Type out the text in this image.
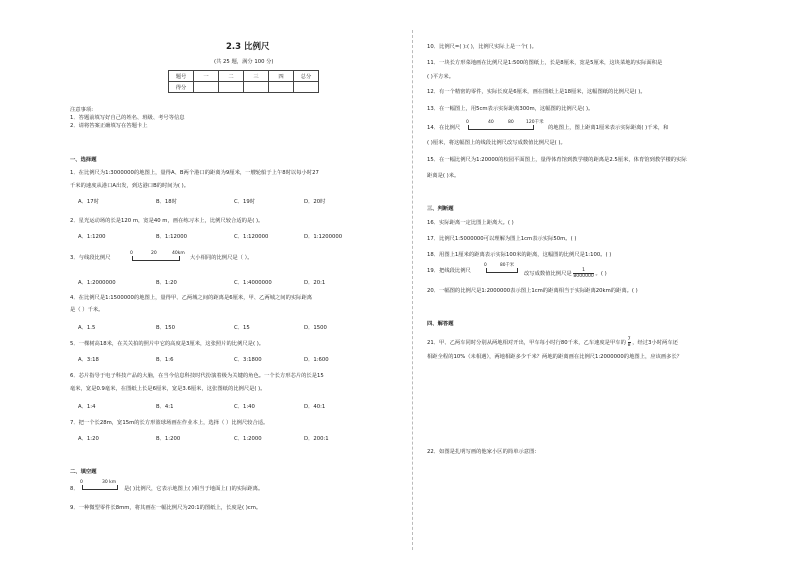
2.3 比例尺
(共 25 题，满分 100 分)
题号	一	二	三	四	总分
得分					
注意事项:
1．答题前填写好自己的姓名、班级、考号等信息
2．请将答案正确填写在答题卡上
一、选择题
1．在比例尺为1:3000000的地图上，量得A、B两个港口的距离为9厘米，一艘轮船于上午8时以每小时27
千米的速度从港口A出发，到达港口B的时间为( )。
A．17时	B．18时	C．19时	D．20时
2．星光运动场的长是120 m，宽是40 m，画在练习本上，比例尺较合适的是( )。
A．1:1200	B．1:12000	C．1:120000	D．1:1200000
3．与线段比例尺
0	20	40km
大小相同的比例尺是（ ）。
A．1:2000000	B．1:20	C．1:4000000	D．20:1
4．在比例尺是1:1500000的地图上，量得甲、乙两城之间的距离是6厘米，甲、乙两城之间的实际距离
是（ ）千米。
A．1.5	B．150	C．15	D．1500
5．一棵树高18米，在关关拍的照片中它的高度是3厘米，这张照片的比例尺是( )。
A．3:18	B．1:6	C．3:1800	D．1:600
6．芯片指导于电子科技产品的大脑，在当今信息科技时代扮演着极为关键的角色。一个长方形芯片的长是15
毫米，宽是0.9毫米，在图纸上长是6厘米，宽是3.6厘米，这张图纸的比例尺是( )。
A．1:4	B．4:1	C．1:40	D．40:1
7．把一个长28m，宽15m的长方形篮球场画在作业本上，选择（ ）比例尺较合适。
A．1:20	B．1:200	C．1:2000	D．200:1
二、填空题
8．
0	30 km
是( )比例尺，它表示地图上( )相当于地面上( )的实际距离。
9．一种微型零件长8mm，将其画在一幅比例尺为20:1的图纸上，长度是( )cm。
10．比例尺=( ):( )，比例尺实际上是一个( )。
11．一块长方形菜地画在比例尺是1:500的图纸上，长是8厘米，宽是5厘米，这块菜地的实际面积是
( )平方米。
12．有一个精密的零件，实际长度是6厘米，画在图纸上是18厘米，这幅图纸的比例尺是( )。
13．在一幅图上，用5cm表示实际距离300m，这幅图的比例尺是( )。
14．在比例尺
0	40	80	120千米
的地图上，图上距离1厘米表示实际距离( )千米，和
( )厘米，将这幅图上的线段比例尺改写成数值比例尺是( )。
15．在一幅比例尺为1:20000的校园平面图上，量得体育馆到教学楼的距离是2.5厘米，体育馆到教学楼的实际
距离是( )米。
三、判断题
16．实际距离一定比图上距离大。( )
17．比例尺1:5000000可以理解为图上1cm表示实际50m。( )
18．用图上1厘米的距离表示实际100米的距离，这幅图的比例尺是1:100。( )
19．把线段比例尺
0	80千米
改写成数值比例尺是 $\frac{1}{8000000}$ 。( )
20．一幅图的比例尺是1:2000000表示图上1cm的距离相当于实际距离20km的距离。( )
四、解答题
21．甲、乙两车同时分别从两地相对开出，甲车每小时行80千米，乙车速度是甲车的 $\frac{7}{8}$ ，经过3小时两车还
相距全程的10%（未相遇），两地相距多少千米？两地的距离画在比例尺1:2000000的地图上，应该画多长？
22．如图是扎明写画的他家小区的简单示意图：
